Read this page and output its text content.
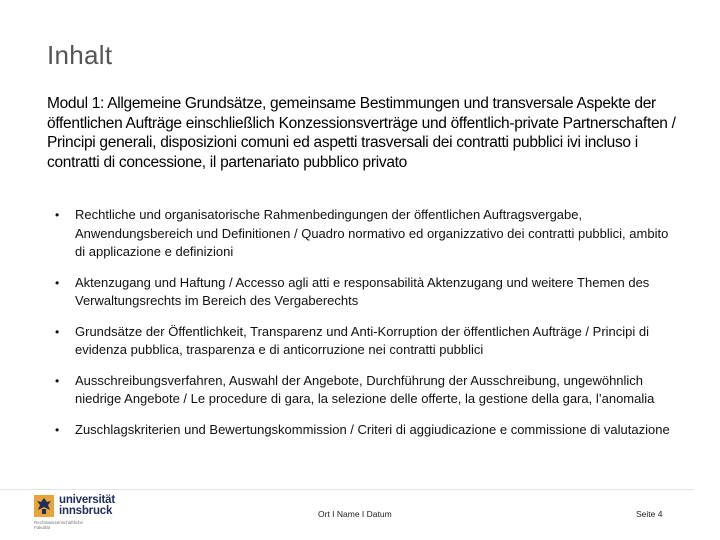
Inhalt
Modul 1: Allgemeine Grundsätze, gemeinsame Bestimmungen und transversale Aspekte der öffentlichen Aufträge einschließlich Konzessionsverträge und öffentlich-private Partnerschaften / Principi generali, disposizioni comuni ed aspetti trasversali dei contratti pubblici ivi incluso i contratti di concessione, il partenariato pubblico privato
• Rechtliche und organisatorische Rahmenbedingungen der öffentlichen Auftragsvergabe, Anwendungsbereich und Definitionen / Quadro normativo ed organizzativo dei contratti pubblici, ambito di applicazione e definizioni
• Aktenzugang und Haftung / Accesso agli atti e responsabilità Aktenzugang und weitere Themen des Verwaltungsrechts im Bereich des Vergaberechts
• Grundsätze der Öffentlichkeit, Transparenz und Anti-Korruption der öffentlichen Aufträge / Principi di evidenza pubblica, trasparenza e di anticorruzione nei contratti pubblici
• Ausschreibungsverfahren, Auswahl der Angebote, Durchführung der Ausschreibung, ungewöhnlich niedrige Angebote / Le procedure di gara, la selezione delle offerte, la gestione della gara, l’anomalia
• Zuschlagskriterien und Bewertungskommission / Criteri di aggiudicazione e commissione di valutazione
universität
innsbruck
Rechtswissenschaftliche Fakultät
Ort I Name I Datum	Seite 4
